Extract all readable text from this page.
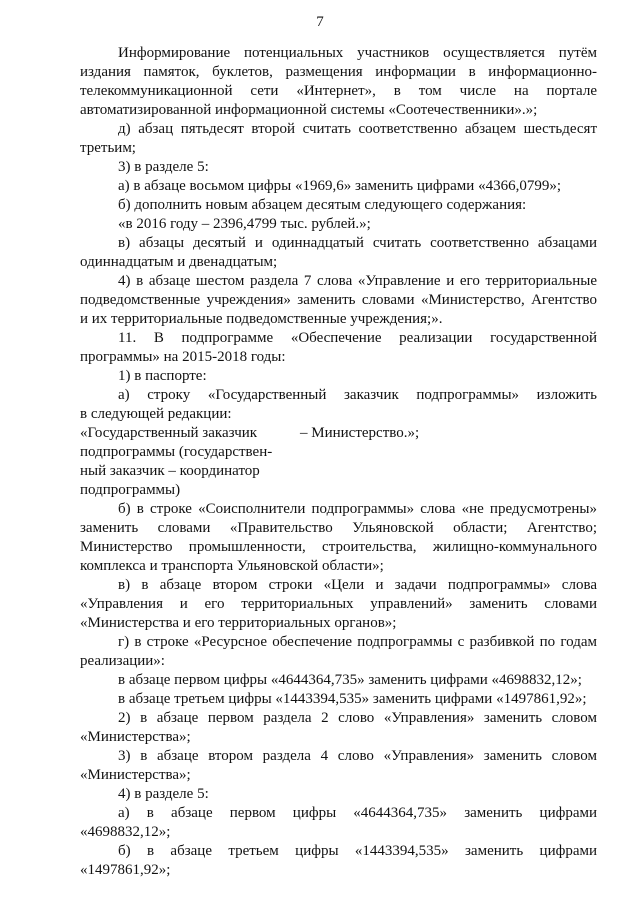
7
Информирование потенциальных участников осуществляется путём
издания памяток, буклетов, размещения информации в информационно-
телекоммуникационной сети «Интернет», в том числе на портале
автоматизированной информационной системы «Соотечественники».»;
д) абзац пятьдесят второй считать соответственно абзацем шестьдесят
третьим;
3) в разделе 5:
а) в абзаце восьмом цифры «1969,6» заменить цифрами «4366,0799»;
б) дополнить новым абзацем десятым следующего содержания:
«в 2016 году – 2396,4799 тыс. рублей.»;
в) абзацы десятый и одиннадцатый считать соответственно абзацами
одиннадцатым и двенадцатым;
4) в абзаце шестом раздела 7 слова «Управление и его территориальные
подведомственные учреждения» заменить словами «Министерство, Агентство
и их территориальные подведомственные учреждения;».
11. В подпрограмме «Обеспечение реализации государственной
программы» на 2015-2018 годы:
1) в паспорте:
а) строку «Государственный заказчик подпрограммы» изложить
в следующей редакции:
«Государственный заказчик
подпрограммы (государствен-
ный заказчик – координатор
подпрограммы)
– Министерство.»;
б) в строке «Соисполнители подпрограммы» слова «не предусмотрены»
заменить словами «Правительство Ульяновской области; Агентство;
Министерство промышленности, строительства, жилищно-коммунального
комплекса и транспорта Ульяновской области»;
в) в абзаце втором строки «Цели и задачи подпрограммы» слова
«Управления и его территориальных управлений» заменить словами
«Министерства и его территориальных органов»;
г) в строке «Ресурсное обеспечение подпрограммы с разбивкой по годам
реализации»:
в абзаце первом цифры «4644364,735» заменить цифрами «4698832,12»;
в абзаце третьем цифры «1443394,535» заменить цифрами «1497861,92»;
2) в абзаце первом раздела 2 слово «Управления» заменить словом
«Министерства»;
3) в абзаце втором раздела 4 слово «Управления» заменить словом
«Министерства»;
4) в разделе 5:
а) в абзаце первом цифры «4644364,735» заменить цифрами
«4698832,12»;
б) в абзаце третьем цифры «1443394,535» заменить цифрами
«1497861,92»;
